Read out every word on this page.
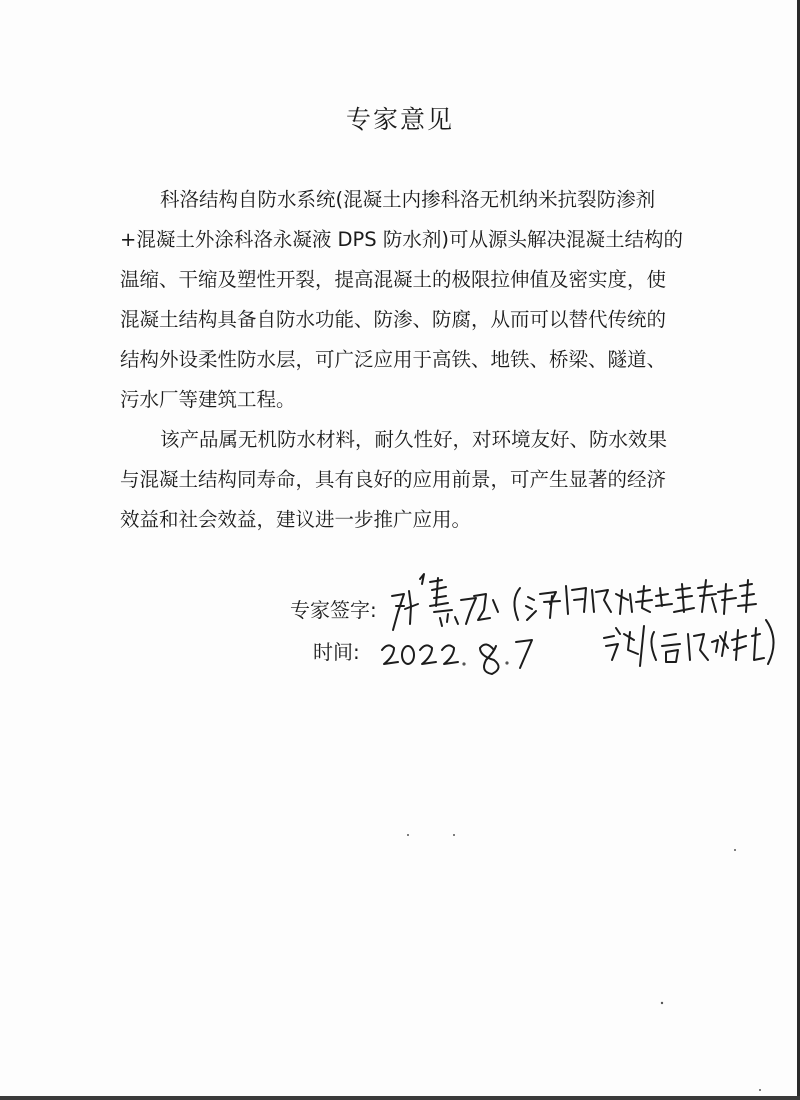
专家意见
科洛结构自防水系统(混凝土内掺科洛无机纳米抗裂防渗剂
+混凝土外涂科洛永凝液 DPS 防水剂)可从源头解决混凝土结构的
温缩、干缩及塑性开裂，提高混凝土的极限拉伸值及密实度，使
混凝土结构具备自防水功能、防渗、防腐，从而可以替代传统的
结构外设柔性防水层，可广泛应用于高铁、地铁、桥梁、隧道、
污水厂等建筑工程。
该产品属无机防水材料，耐久性好，对环境友好、防水效果
与混凝土结构同寿命，具有良好的应用前景，可产生显著的经济
效益和社会效益，建议进一步推广应用。
专家签字:
时间:
